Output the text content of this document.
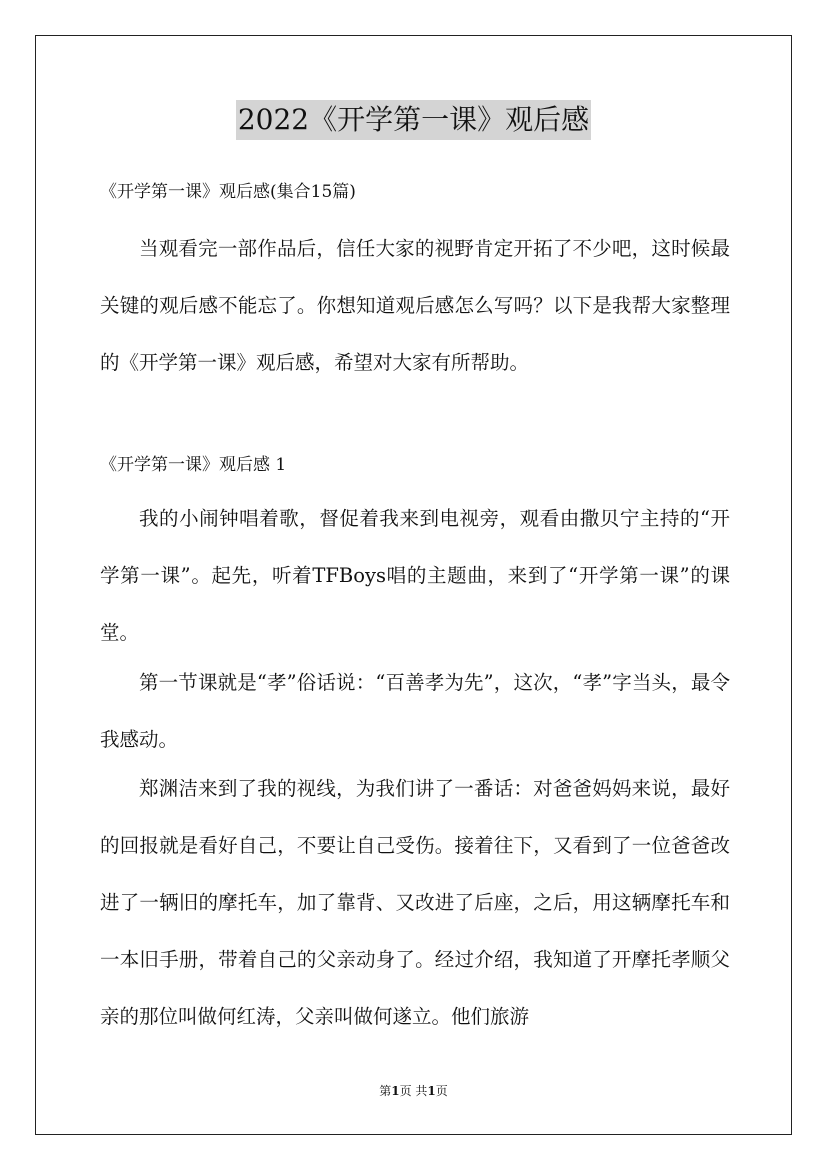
2022《开学第一课》观后感
《开学第一课》观后感(集合15篇)

当观看完一部作品后，信任大家的视野肯定开拓了不少吧，这时候最关键的观后感不能忘了。你想知道观后感怎么写吗？以下是我帮大家整理的《开学第一课》观后感，希望对大家有所帮助。

《开学第一课》观后感 1

我的小闹钟唱着歌，督促着我来到电视旁，观看由撒贝宁主持的“开学第一课”。起先，听着TFBoys唱的主题曲，来到了“开学第一课”的课堂。

第一节课就是“孝”俗话说：“百善孝为先”，这次，“孝”字当头，最令我感动。

郑渊洁来到了我的视线，为我们讲了一番话：对爸爸妈妈来说，最好的回报就是看好自己，不要让自己受伤。接着往下，又看到了一位爸爸改进了一辆旧的摩托车，加了靠背、又改进了后座，之后，用这辆摩托车和一本旧手册，带着自己的父亲动身了。经过介绍，我知道了开摩托孝顺父亲的那位叫做何红涛，父亲叫做何遂立。他们旅游

第1页 共1页
